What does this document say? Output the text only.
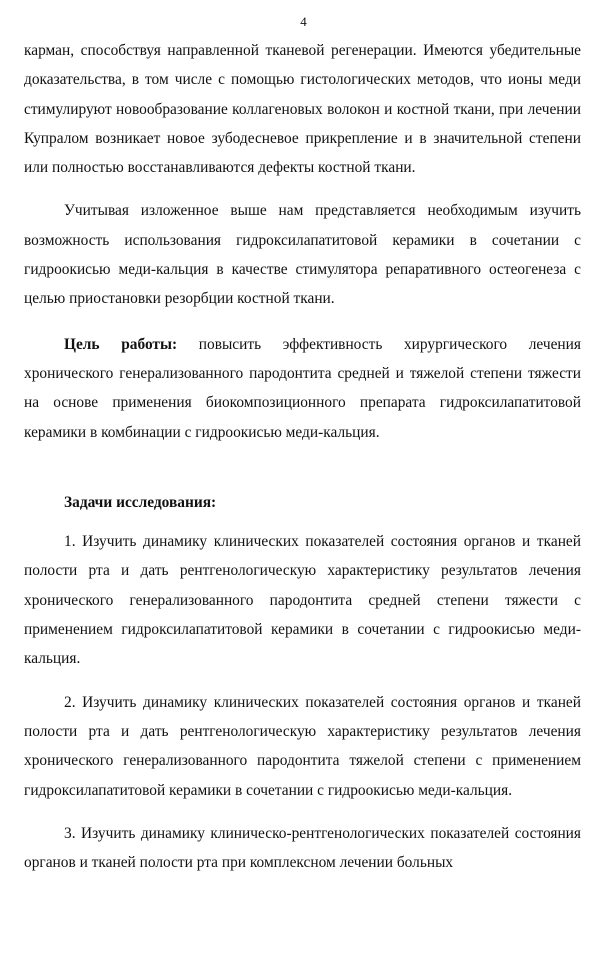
4

карман, способствуя направленной тканевой регенерации. Имеются убедительные доказательства, в том числе с помощью гистологических методов, что ионы меди стимулируют новообразование коллагеновых волокон и костной ткани, при лечении Купралом возникает новое зубодесневое прикрепление и в значительной степени или полностью восстанавливаются дефекты костной ткани.

Учитывая изложенное выше нам представляется необходимым изучить возможность использования гидроксилапатитовой керамики в сочетании с гидроокисью меди-кальция в качестве стимулятора репаративного остеогенеза с целью приостановки резорбции костной ткани.

Цель работы: повысить эффективность хирургического лечения хронического генерализованного пародонтита средней и тяжелой степени тяжести на основе применения биокомпозиционного препарата гидроксилапатитовой керамики в комбинации с гидроокисью меди-кальция.

Задачи исследования:

1. Изучить динамику клинических показателей состояния органов и тканей полости рта и дать рентгенологическую характеристику результатов лечения хронического генерализованного пародонтита средней степени тяжести с применением гидроксилапатитовой керамики в сочетании с гидроокисью меди-кальция.

2. Изучить динамику клинических показателей состояния органов и тканей полости рта и дать рентгенологическую характеристику результатов лечения хронического генерализованного пародонтита тяжелой степени с применением гидроксилапатитовой керамики в сочетании с гидроокисью меди-кальция.

3. Изучить динамику клиническо-рентгенологических показателей состояния органов и тканей полости рта при комплексном лечении больных
